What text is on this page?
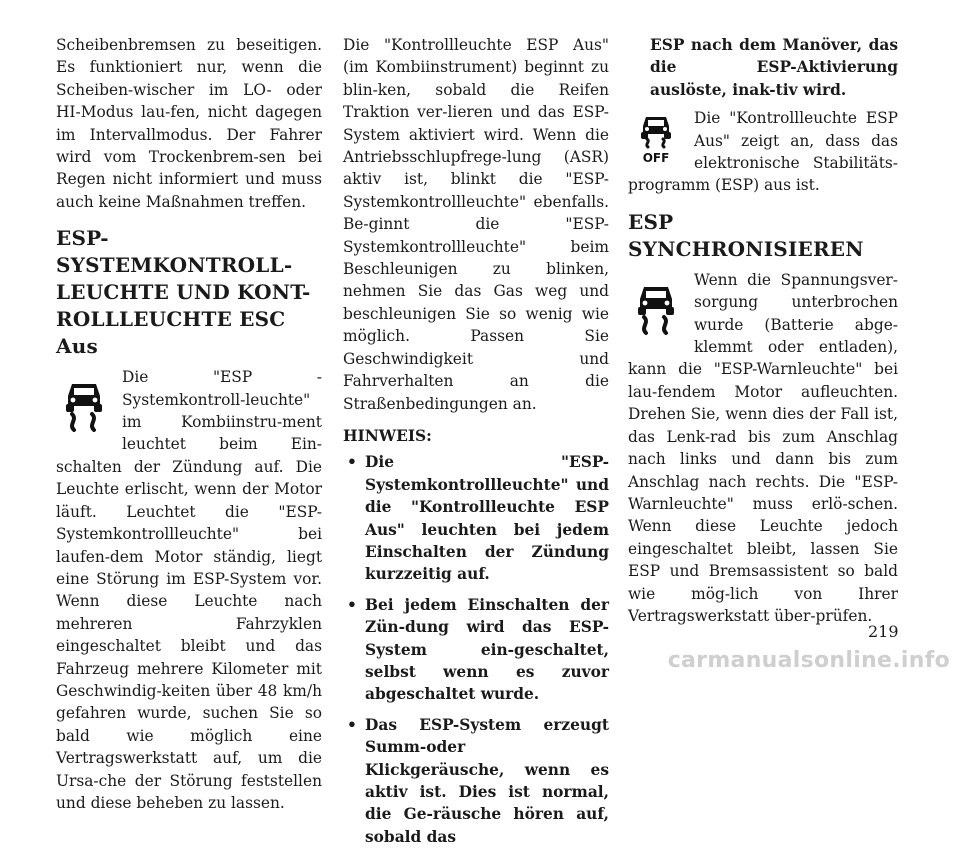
Scheibenbremsen zu beseitigen. Es funktioniert nur, wenn die Scheiben-wischer im LO- oder HI-Modus lau-fen, nicht dagegen im Intervallmodus. Der Fahrer wird vom Trockenbrem-sen bei Regen nicht informiert und muss auch keine Maßnahmen treffen.

ESP- SYSTEMKONTROLL-LEUCHTE UND KONT-ROLLLEUCHTE ESC Aus

Die "ESP - Systemkontroll-leuchte" im Kombiinstru-ment leuchtet beim Ein-schalten der Zündung auf. Die Leuchte erlischt, wenn der Motor läuft. Leuchtet die "ESP-Systemkontrollleuchte" bei laufen-dem Motor ständig, liegt eine Störung im ESP-System vor. Wenn diese Leuchte nach mehreren Fahrzyklen eingeschaltet bleibt und das Fahrzeug mehrere Kilometer mit Geschwindig-keiten über 48 km/h gefahren wurde, suchen Sie so bald wie möglich eine Vertragswerkstatt auf, um die Ursa-che der Störung feststellen und diese beheben zu lassen.

Die "Kontrollleuchte ESP Aus" (im Kombiinstrument) beginnt zu blin-ken, sobald die Reifen Traktion ver-lieren und das ESP-System aktiviert wird. Wenn die Antriebsschlupfrege-lung (ASR) aktiv ist, blinkt die "ESP-Systemkontrollleuchte" ebenfalls. Be-ginnt die "ESP-Systemkontrollleuchte" beim Beschleunigen zu blinken, nehmen Sie das Gas weg und beschleunigen Sie so wenig wie möglich. Passen Sie Geschwindigkeit und Fahrverhalten an die Straßenbedingungen an.

HINWEIS:

• Die "ESP-Systemkontrollleuchte" und die "Kontrollleuchte ESP Aus" leuchten bei jedem Einschalten der Zündung kurzzeitig auf.
• Bei jedem Einschalten der Zün-dung wird das ESP-System ein-geschaltet, selbst wenn es zuvor abgeschaltet wurde.
• Das ESP-System erzeugt Summ-oder Klickgeräusche, wenn es aktiv ist. Dies ist normal, die Ge-räusche hören auf, sobald das

ESP nach dem Manöver, das die ESP-Aktivierung auslöste, inak-tiv wird.

OFF

Die "Kontrollleuchte ESP Aus" zeigt an, dass das elektronische Stabilitäts-programm (ESP) aus ist.

ESP SYNCHRONISIEREN

Wenn die Spannungsver-sorgung unterbrochen wurde (Batterie abge-klemmt oder entladen), kann die "ESP-Warnleuchte" bei lau-fendem Motor aufleuchten. Drehen Sie, wenn dies der Fall ist, das Lenk-rad bis zum Anschlag nach links und dann bis zum Anschlag nach rechts. Die "ESP-Warnleuchte" muss erlö-schen. Wenn diese Leuchte jedoch eingeschaltet bleibt, lassen Sie ESP und Bremsassistent so bald wie mög-lich von Ihrer Vertragswerkstatt über-prüfen.

219
carmanualsonline.info
